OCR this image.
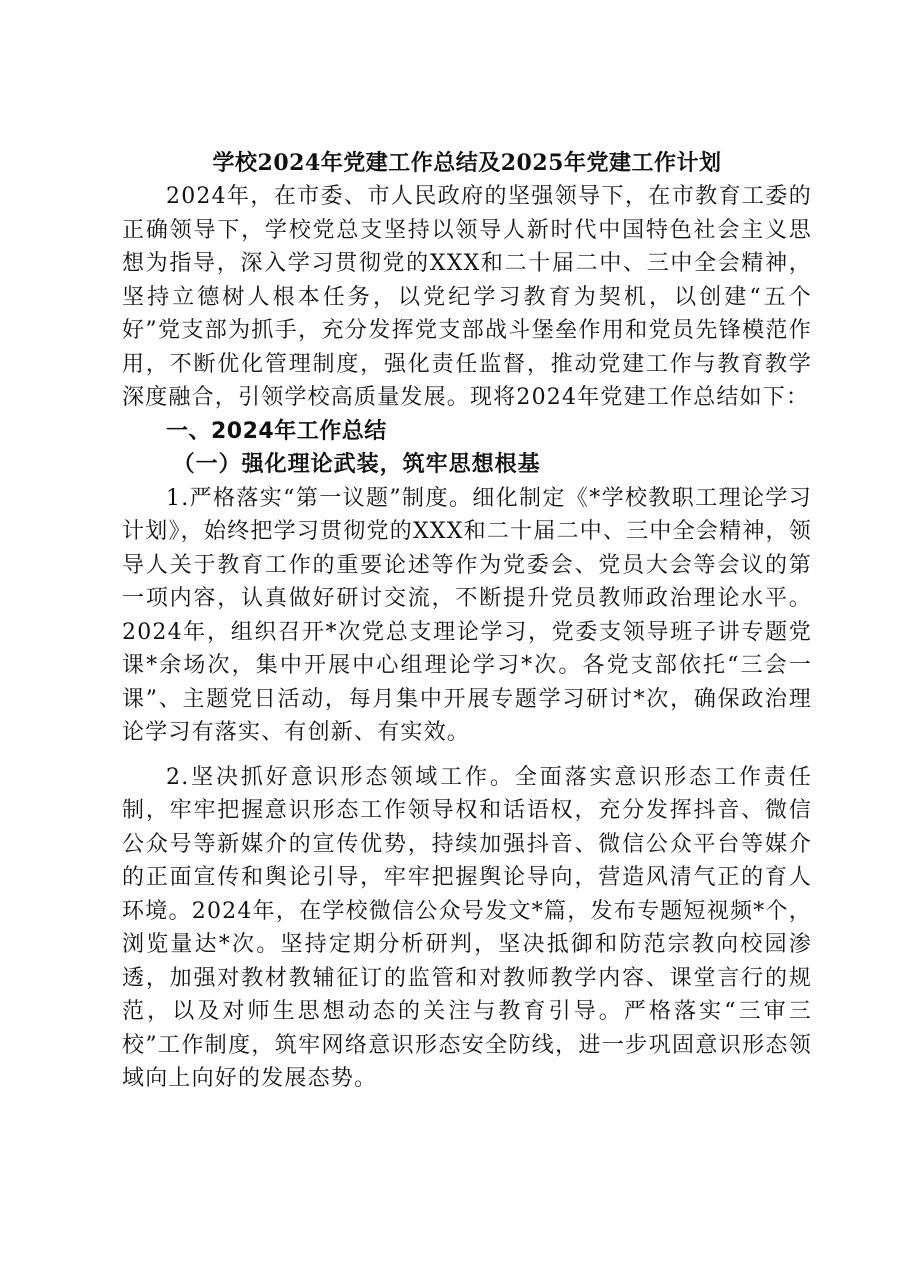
学校2024年党建工作总结及2025年党建工作计划

2024年，在市委、市人民政府的坚强领导下，在市教育工委的正确领导下，学校党总支坚持以领导人新时代中国特色社会主义思想为指导，深入学习贯彻党的XXX和二十届二中、三中全会精神，坚持立德树人根本任务，以党纪学习教育为契机，以创建“五个好”党支部为抓手，充分发挥党支部战斗堡垒作用和党员先锋模范作用，不断优化管理制度，强化责任监督，推动党建工作与教育教学深度融合，引领学校高质量发展。现将2024年党建工作总结如下：

一、2024年工作总结
（一）强化理论武装，筑牢思想根基

1.严格落实“第一议题”制度。细化制定《*学校教职工理论学习计划》，始终把学习贯彻党的XXX和二十届二中、三中全会精神，领导人关于教育工作的重要论述等作为党委会、党员大会等会议的第一项内容，认真做好研讨交流，不断提升党员教师政治理论水平。2024年，组织召开*次党总支理论学习，党委支领导班子讲专题党课*余场次，集中开展中心组理论学习*次。各党支部依托“三会一课”、主题党日活动，每月集中开展专题学习研讨*次，确保政治理论学习有落实、有创新、有实效。

2.坚决抓好意识形态领域工作。全面落实意识形态工作责任制，牢牢把握意识形态工作领导权和话语权，充分发挥抖音、微信公众号等新媒介的宣传优势，持续加强抖音、微信公众平台等媒介的正面宣传和舆论引导，牢牢把握舆论导向，营造风清气正的育人环境。2024年，在学校微信公众号发文*篇，发布专题短视频*个，浏览量达*次。坚持定期分析研判，坚决抵御和防范宗教向校园渗透，加强对教材教辅征订的监管和对教师教学内容、课堂言行的规范，以及对师生思想动态的关注与教育引导。严格落实“三审三校”工作制度，筑牢网络意识形态安全防线，进一步巩固意识形态领域向上向好的发展态势。
